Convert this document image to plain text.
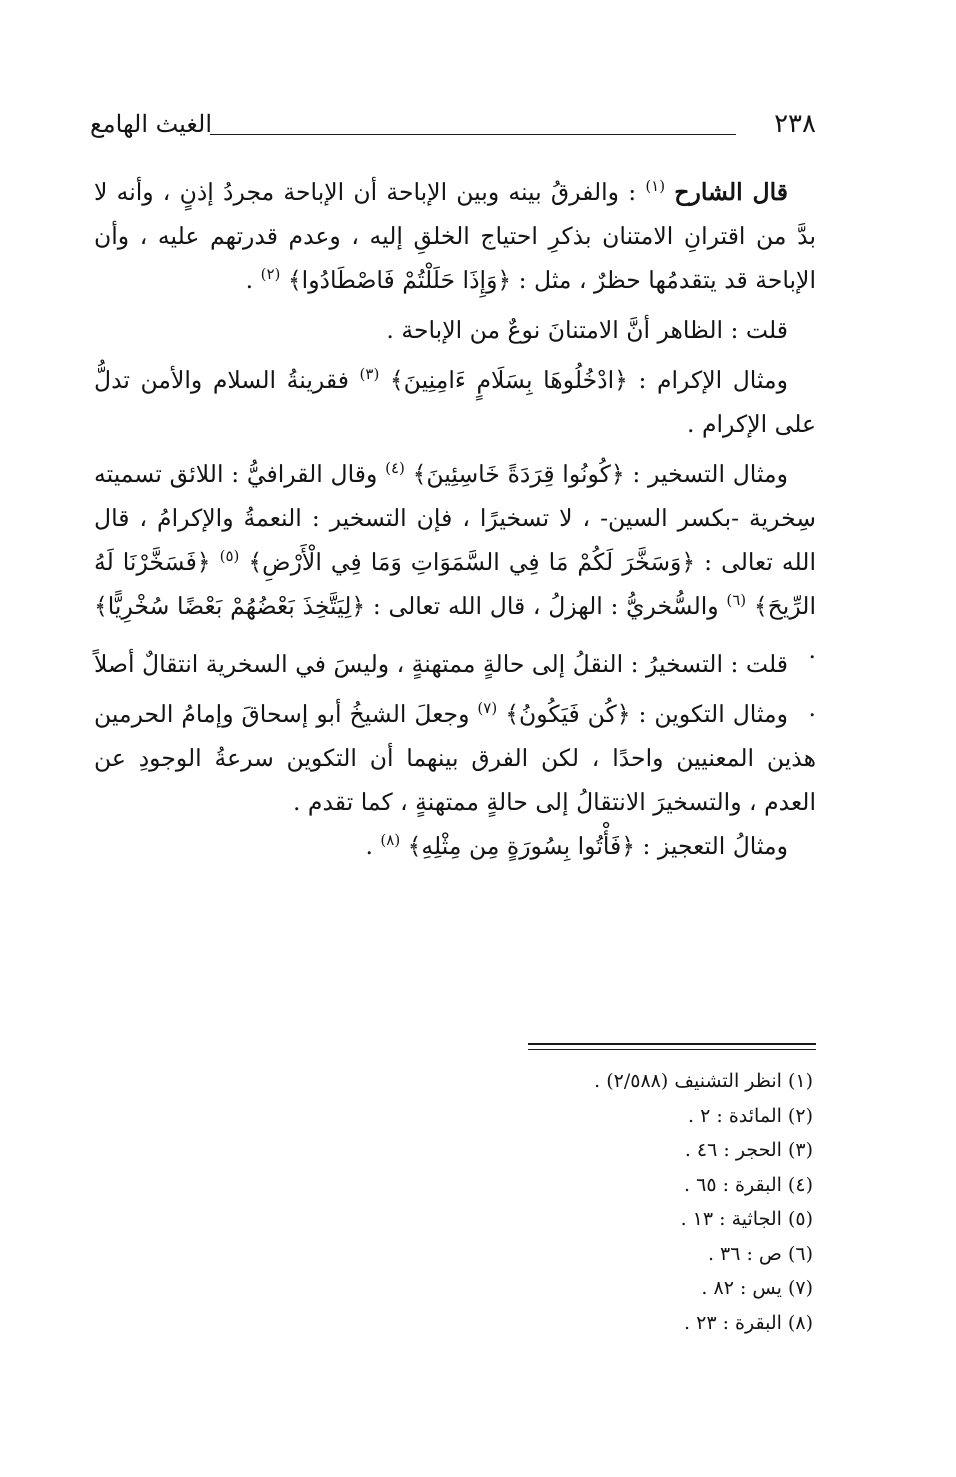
٢٣٨
الغيث الهامع

قال الشارح $^{(١)}$ : والفرقُ بينه وبين الإباحة أن الإباحة مجردُ إذنٍ ، وأنه لا بدَّ من اقترانِ الامتنان بذكرِ احتياج الخلقِ إليه ، وعدم قدرتهم عليه ، وأن الإباحة قد يتقدمُها حظرٌ ، مثل : ﴿وَإِذَا حَلَلْتُمْ فَاصْطَادُوا﴾ $^{(٢)}$ .

قلت : الظاهر أنَّ الامتنانَ نوعٌ من الإباحة .

ومثال الإكرام : ﴿ادْخُلُوهَا بِسَلَامٍ ءَامِنِينَ﴾ $^{(٣)}$ فقرينةُ السلام والأمن تدلُّ على الإكرام .

ومثال التسخير : ﴿كُونُوا قِرَدَةً خَاسِئِينَ﴾ $^{(٤)}$ وقال القرافيُّ : اللائق تسميته سِخرية -بكسر السين- ، لا تسخيرًا ، فإن التسخير : النعمةُ والإكرامُ ، قال الله تعالى : ﴿وَسَخَّرَ لَكُمْ مَا فِي السَّمَوَاتِ وَمَا فِي الْأَرْضِ﴾ $^{(٥)}$ ﴿فَسَخَّرْنَا لَهُ الرِّيحَ﴾ $^{(٦)}$ والسُّخريُّ : الهزلُ ، قال الله تعالى : ﴿لِيَتَّخِذَ بَعْضُهُمْ بَعْضًا سُخْرِيًّا﴾ .

قلت : التسخيرُ : النقلُ إلى حالةٍ ممتهنةٍ ، وليسَ في السخرية انتقالٌ أصلاً .

ومثال التكوين : ﴿كُن فَيَكُونُ﴾ $^{(٧)}$ وجعلَ الشيخُ أبو إسحاقَ وإمامُ الحرمين هذين المعنيين واحدًا ، لكن الفرق بينهما أن التكوين سرعةُ الوجودِ عن العدم ، والتسخيرَ الانتقالُ إلى حالةٍ ممتهنةٍ ، كما تقدم .

ومثالُ التعجيز : ﴿فَأْتُوا بِسُورَةٍ مِن مِثْلِهِ﴾ $^{(٨)}$ .

(١) انظر التشنيف (٢/٥٨٨) .
(٢) المائدة : ٢ .
(٣) الحجر : ٤٦ .
(٤) البقرة : ٦٥ .
(٥) الجاثية : ١٣ .
(٦) ص : ٣٦ .
(٧) يس : ٨٢ .
(٨) البقرة : ٢٣ .
